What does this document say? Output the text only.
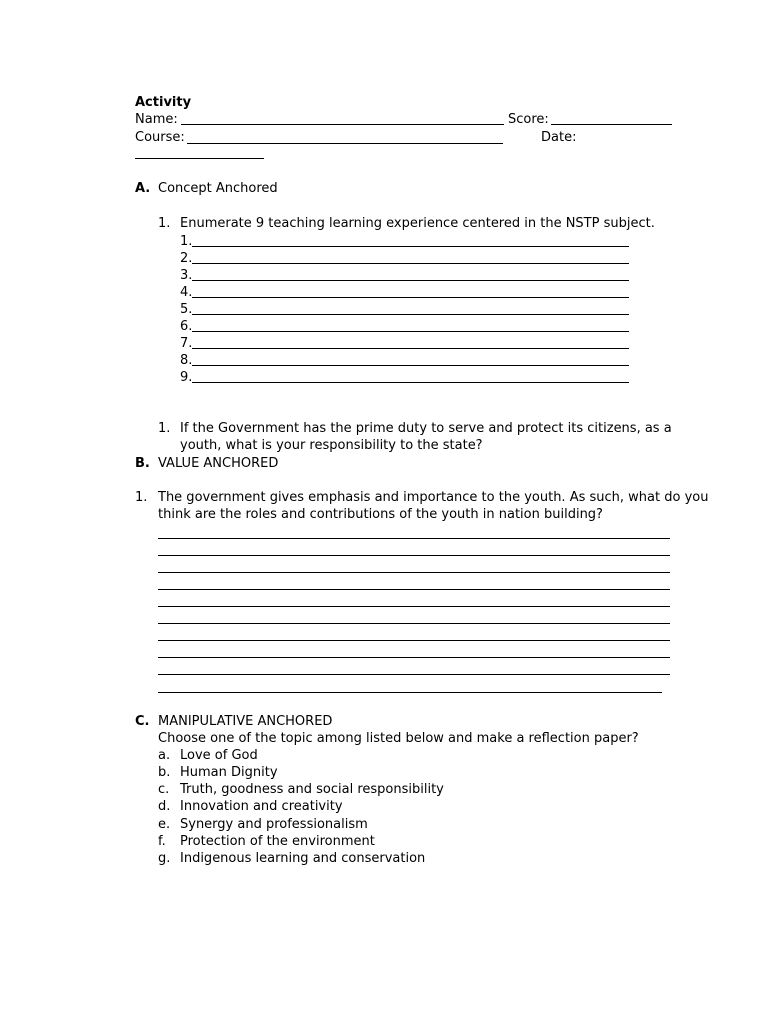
Activity
Name:	Score:
Course:	Date:
A. Concept Anchored
1. Enumerate 9 teaching learning experience centered in the NSTP subject.
1.
2.
3.
4.
5.
6.
7.
8.
9.
1. If the Government has the prime duty to serve and protect its citizens, as a
youth, what is your responsibility to the state?
B. VALUE ANCHORED
1. The government gives emphasis and importance to the youth. As such, what do you
think are the roles and contributions of the youth in nation building?
C. MANIPULATIVE ANCHORED
Choose one of the topic among listed below and make a reflection paper?
a. Love of God
b. Human Dignity
c. Truth, goodness and social responsibility
d. Innovation and creativity
e. Synergy and professionalism
f. Protection of the environment
g. Indigenous learning and conservation
